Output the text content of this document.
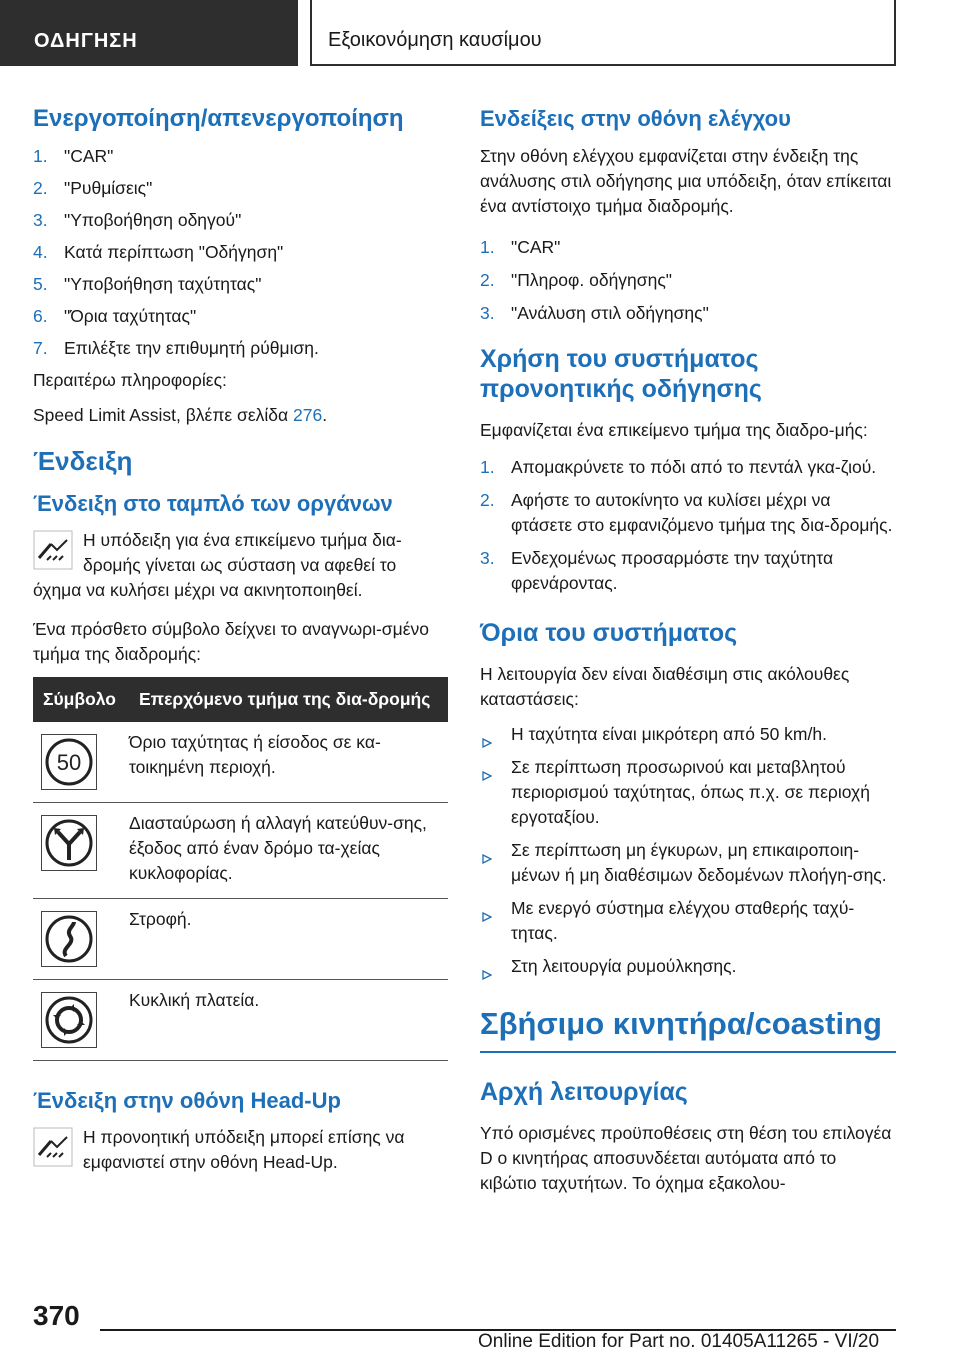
ΟΔΗΓΗΣΗ	Εξοικονόμηση καυσίμου
Ενεργοποίηση/απενεργοποίηση
1. "CAR"
2. "Ρυθμίσεις"
3. "Υποβοήθηση οδηγού"
4. Κατά περίπτωση "Οδήγηση"
5. "Υποβοήθηση ταχύτητας"
6. "Όρια ταχύτητας"
7. Επιλέξτε την επιθυμητή ρύθμιση.

Περαιτέρω πληροφορίες:

Speed Limit Assist, βλέπε σελίδα 276.

Ένδειξη
Ένδειξη στο ταμπλό των οργάνων
Η υπόδειξη για ένα επικείμενο τμήμα δια-δρομής γίνεται ως σύσταση να αφεθεί το

όχημα να κυλήσει μέχρι να ακινητοποιηθεί.

Ένα πρόσθετο σύμβολο δείχνει το αναγνωρι-σμένο τμήμα της διαδρομής:

Σύμβολο	Επερχόμενο τμήμα της δια-δρομής

50	Όριο ταχύτητας ή είσοδος σε κα-τοικημένη περιοχή.

	Διασταύρωση ή αλλαγή κατεύθυν-σης, έξοδος από έναν δρόμο τα-χείας κυκλοφορίας.

	Στροφή.

	Κυκλική πλατεία.
Ένδειξη στην οθόνη Head-Up
Η προνοητική υπόδειξη μπορεί επίσης να εμφανιστεί στην οθόνη Head-Up.
Ενδείξεις στην οθόνη ελέγχου

Στην οθόνη ελέγχου εμφανίζεται στην ένδειξη της ανάλυσης στιλ οδήγησης μια υπόδειξη, όταν επίκειται ένα αντίστοιχο τμήμα διαδρομής.

1. "CAR"
2. "Πληροφ. οδήγησης"
3. "Ανάλυση στιλ οδήγησης"
Χρήση του συστήματος προνοητικής οδήγησης

Εμφανίζεται ένα επικείμενο τμήμα της διαδρο-μής:

1. Απομακρύνετε το πόδι από το πεντάλ γκα-ζιού.
2. Αφήστε το αυτοκίνητο να κυλίσει μέχρι να φτάσετε στο εμφανιζόμενο τμήμα της δια-δρομής.
3. Ενδεχομένως προσαρμόστε την ταχύτητα φρενάροντας.
Όρια του συστήματος

Η λειτουργία δεν είναι διαθέσιμη στις ακόλουθες καταστάσεις:

Η ταχύτητα είναι μικρότερη από 50 km/h.
Σε περίπτωση προσωρινού και μεταβλητού περιορισμού ταχύτητας, όπως π.χ. σε περιοχή εργοταξίου.
Σε περίπτωση μη έγκυρων, μη επικαιροποιη-μένων ή μη διαθέσιμων δεδομένων πλοήγη-σης.
Με ενεργό σύστημα ελέγχου σταθερής ταχύ-τητας.
Στη λειτουργία ρυμούλκησης.
Σβήσιμο κινητήρα/coasting
Αρχή λειτουργίας

Υπό ορισμένες προϋποθέσεις στη θέση του επιλογέα D ο κινητήρας αποσυνδέεται αυτόματα από το κιβώτιο ταχυτήτων. Το όχημα εξακολου-

370
Online Edition for Part no. 01405A11265 - VI/20
